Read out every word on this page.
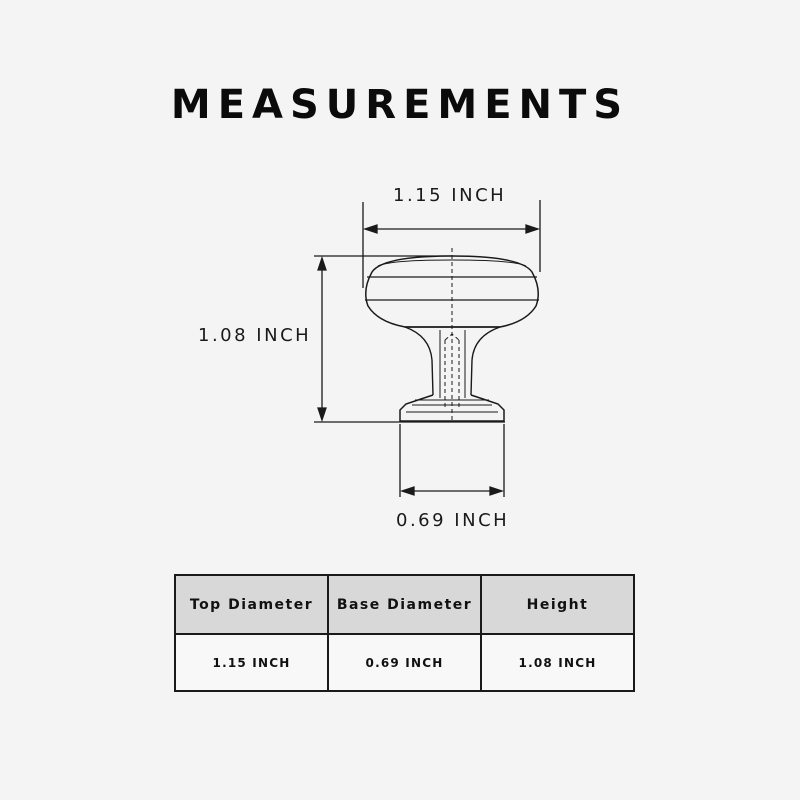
MEASUREMENTS
1.15 INCH
1.08 INCH
0.69 INCH
Top Diameter	Base Diameter	Height
1.15 INCH	0.69 INCH	1.08 INCH
